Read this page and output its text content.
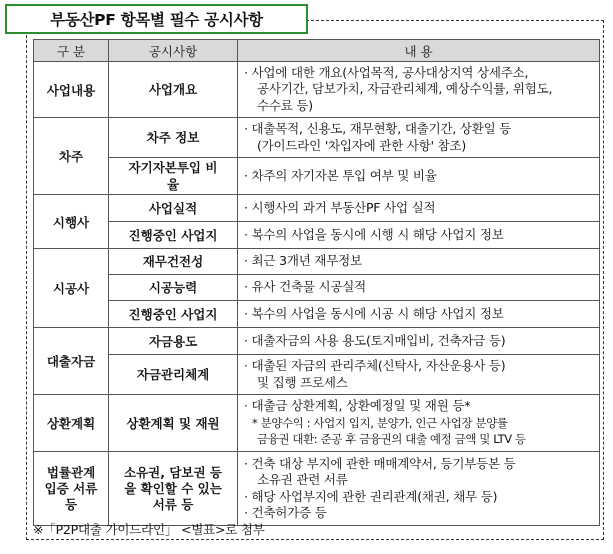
부동산PF 항목별 필수 공시사항
구 분	공시사항	내 용
사업내용	사업개요	· 사업에 대한 개요(사업목적, 공사대상지역 상세주소,
공사기간, 담보가치, 자금관리체계, 예상수익률, 위험도,
수수료 등)

차주	차주 정보	· 대출목적, 신용도, 재무현황, 대출기간, 상환일 등
(가이드라인 '차입자에 관한 사항' 참조)

	자기자본투입 비율	· 차주의 자기자본 투입 여부 및 비율

시행사	사업실적	· 시행사의 과거 부동산PF 사업 실적

	진행중인 사업지	· 복수의 사업을 동시에 시행 시 해당 사업지 정보

시공사	재무건전성	· 최근 3개년 재무정보

	시공능력	· 유사 건축물 시공실적

	진행중인 사업지	· 복수의 사업을 동시에 시공 시 해당 사업지 정보

대출자금	자금용도	· 대출자금의 사용 용도(토지매입비, 건축자금 등)

	자금관리체계	· 대출된 자금의 관리주체(신탁사, 자산운용사 등)
및 집행 프로세스

상환계획	상환계획 및 재원	· 대출금 상환계획, 상환예정일 및 재원 등*
* 분양수익 : 사업지 입지, 분양가, 인근 사업장 분양률
금융권 대환: 준공 후 금융권의 대출 예정 금액 및 LTV 등

법률관계 입증 서류 등	소유권, 담보권 등을 확인할 수 있는 서류 등	· 건축 대상 부지에 관한 매매계약서, 등기부등본 등
소유권 관련 서류
· 해당 사업부지에 관한 권리관계(채권, 채무 등)
· 건축허가증 등
※「P2P대출 가이드라인」 <별표>로 첨부
